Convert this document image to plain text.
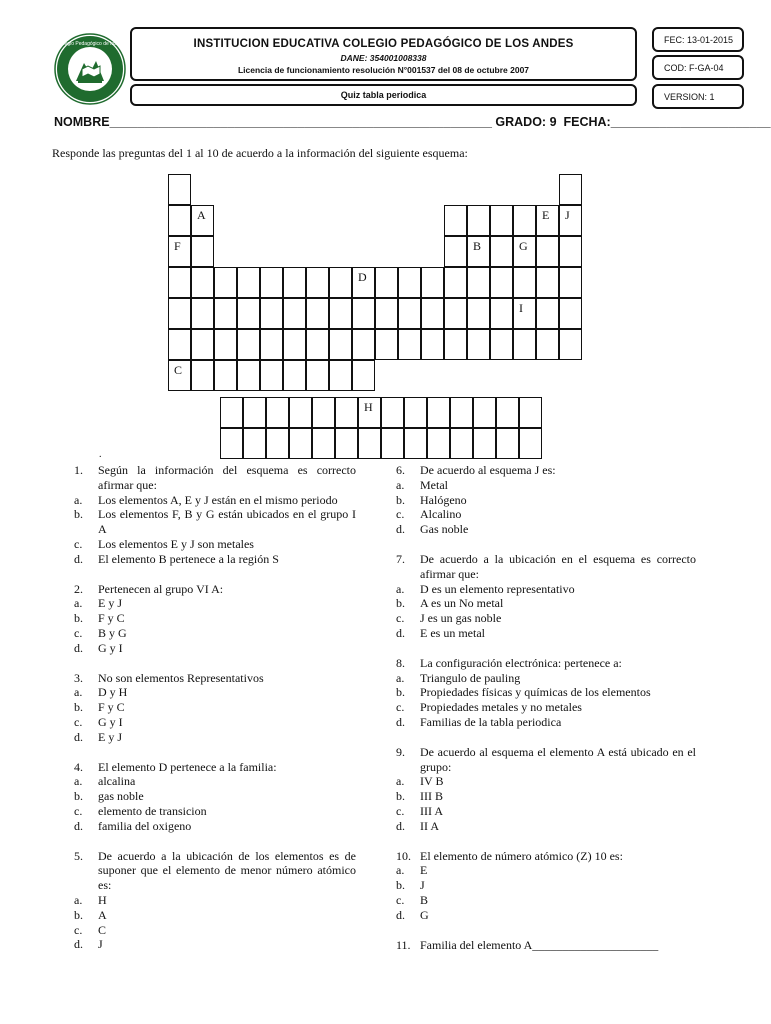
I.E. Colegio Pedagógico de los Andes	INSTITUCION EDUCATIVA COLEGIO PEDAGÓGICO DE LOS ANDES
DANE: 354001008338
Licencia de funcionamiento resolución N°001537 del 08 de octubre 2007
Quiz tabla periodica
FEC: 13-01-2015
COD: F-GA-04
VERSION: 1
NOMBRE_______________________________________________________ GRADO: 9 FECHA:_______________________
Responde las preguntas del 1 al 10 de acuerdo a la información del siguiente esquema:
A	E J
F	B	G
D
I
C
H
.
1.	Según la información del esquema es correcto afirmar que:
a.	Los elementos A, E y J están en el mismo periodo
b.	Los elementos F, B y G están ubicados en el grupo I A
c.	Los elementos E y J son metales
d.	El elemento B pertenece a la región S
2.	Pertenecen al grupo VI A:
a.	E y J
b.	F y C
c.	B y G
d.	G y I
3.	No son elementos Representativos
a.	D y H
b.	F y C
c.	G y I
d.	E y J
4.	El elemento D pertenece a la familia:
a.	alcalina
b.	gas noble
c.	elemento de transicion
d.	familia del oxigeno
5.	De acuerdo a la ubicación de los elementos es de suponer que el elemento de menor número atómico es:
a.	H
b.	A
c.	C
d.	J
6.	De acuerdo al esquema J es:
a.	Metal
b.	Halógeno
c.	Alcalino
d.	Gas noble
7.	De acuerdo a la ubicación en el esquema es correcto afirmar que:
a.	D es un elemento representativo
b.	A es un No metal
c.	J es un gas noble
d.	E es un metal
8.	La configuración electrónica: pertenece a:
a.	Triangulo de pauling
b.	Propiedades físicas y químicas de los elementos
c.	Propiedades metales y no metales
d.	Familias de la tabla periodica
9.	De acuerdo al esquema el elemento A está ubicado en el grupo:
a.	IV B
b.	III B
c.	III A
d.	II A
10. El elemento de número atómico (Z) 10 es:
a.	E
b.	J
c.	B
d.	G
11. Familia del elemento A_____________________
